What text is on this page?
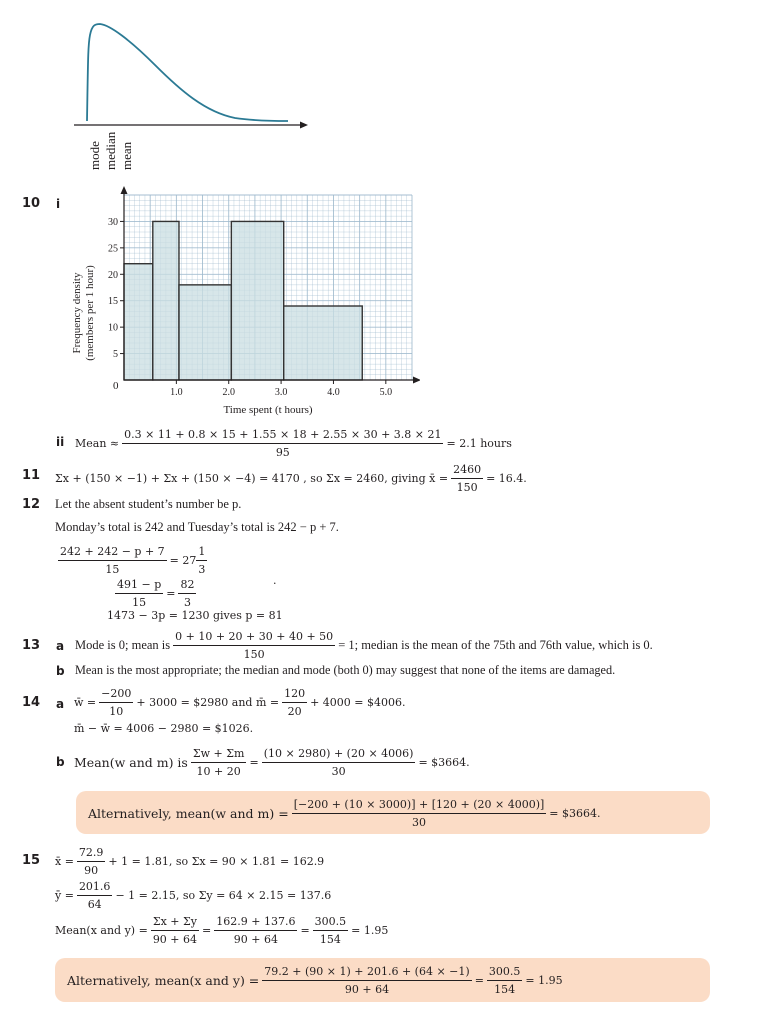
mode median mean
10 i
5
10
15
20
25
30
1.0	2.0	3.0	4.0	5.0
0
Frequency density (members per 1 hour)
Time spent (t hours)
ii Mean ≈ $\frac{0.3 \times 11 + 0.8 \times 15 + 1.55 \times 18 + 2.55 \times 30 + 3.8 \times 21}{95} = 2.1$ hours
11 Σx + (150 × −1) + Σx + (150 × −4) = 4170 , so Σx = 2460, giving x̄ = $\frac{2460}{150} = 16.4$.
12 Let the absent student’s number be p.
Monday’s total is 242 and Tuesday’s total is 242 − p + 7.
$\frac{242 + 242 - p + 7}{15} = 27 \frac{1}{3}$
$\frac{491 - p}{15} = \frac{82}{3}$	.
1473 − 3p = 1230 gives p = 81
13 a Mode is 0; mean is $\frac{0 + 10 + 20 + 30 + 40 + 50}{150} = 1$; median is the mean of the 75th and 76th value, which is 0.
b Mean is the most appropriate; the median and mode (both 0) may suggest that none of the items are damaged.
14 a w̄ = $\frac{-200}{10} + 3000$ = $2980 and m̄ = $\frac{120}{20} + 4000$ = $4006.
m̄ − w̄ = 4006 − 2980 = $1026.
b Mean(w and m) is $\frac{\Sigma w + \Sigma m}{10 + 20} = \frac{(10 \times 2980) + (20 \times 4006)}{30}$ = $3664.
Alternatively, mean(w and $m) = \frac{[-200 + (10 \times 3000)] + [120 + (20 \times 4000)]}{30}$ = $3664.
15 x̄ = $\frac{72.9}{90} + 1 = 1.81$, so Σx = 90 × 1.81 = 162.9
ȳ = $\frac{201.6}{64} - 1 = 2.15$, so Σy = 64 × 2.15 = 137.6
Mean(x and $y) = \frac{\Sigma x + \Sigma y}{90 + 64} = \frac{162.9 + 137.6}{90 + 64} = \frac{300.5}{154} = 1.95$
Alternatively, mean(x and $y) = \frac{79.2 + (90 \times 1) + 201.6 + (64 \times -1)}{90 + 64} = \frac{300.5}{154} = 1.95$
